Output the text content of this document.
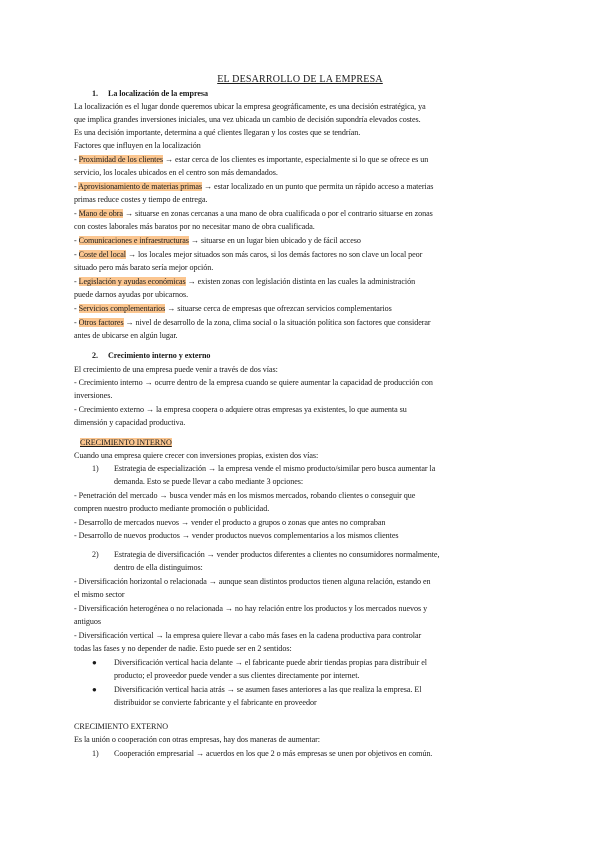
EL DESARROLLO DE LA EMPRESA
1. La localización de la empresa
La localización es el lugar donde queremos ubicar la empresa geográficamente, es una decisión estratégica, ya
que implica grandes inversiones iniciales, una vez ubicada un cambio de decisión supondría elevados costes.
Es una decisión importante, determina a qué clientes llegaran y los costes que se tendrían.
Factores que influyen en la localización
- Proximidad de los clientes → estar cerca de los clientes es importante, especialmente si lo que se ofrece es un
servicio, los locales ubicados en el centro son más demandados.
- Aprovisionamiento de materias primas → estar localizado en un punto que permita un rápido acceso a materias
primas reduce costes y tiempo de entrega.
- Mano de obra → situarse en zonas cercanas a una mano de obra cualificada o por el contrario situarse en zonas
con costes laborales más baratos por no necesitar mano de obra cualificada.
- Comunicaciones e infraestructuras → situarse en un lugar bien ubicado y de fácil acceso
- Coste del local → los locales mejor situados son más caros, si los demás factores no son clave un local peor
situado pero más barato sería mejor opción.
- Legislación y ayudas económicas → existen zonas con legislación distinta en las cuales la administración
puede darnos ayudas por ubicarnos.
- Servicios complementarios → situarse cerca de empresas que ofrezcan servicios complementarios
- Otros factores → nivel de desarrollo de la zona, clima social o la situación política son factores que considerar
antes de ubicarse en algún lugar.
2. Crecimiento interno y externo
El crecimiento de una empresa puede venir a través de dos vías:
- Crecimiento interno → ocurre dentro de la empresa cuando se quiere aumentar la capacidad de producción con
inversiones.
- Crecimiento externo → la empresa coopera o adquiere otras empresas ya existentes, lo que aumenta su
dimensión y capacidad productiva.
CRECIMIENTO INTERNO
Cuando una empresa quiere crecer con inversiones propias, existen dos vías:
1) Estrategia de especialización → la empresa vende el mismo producto/similar pero busca aumentar la
demanda. Esto se puede llevar a cabo mediante 3 opciones:
- Penetración del mercado → busca vender más en los mismos mercados, robando clientes o conseguir que
compren nuestro producto mediante promoción o publicidad.
- Desarrollo de mercados nuevos → vender el producto a grupos o zonas que antes no compraban
- Desarrollo de nuevos productos → vender productos nuevos complementarios a los mismos clientes
2) Estrategia de diversificación → vender productos diferentes a clientes no consumidores normalmente,
dentro de ella distinguimos:
- Diversificación horizontal o relacionada → aunque sean distintos productos tienen alguna relación, estando en
el mismo sector
- Diversificación heterogénea o no relacionada → no hay relación entre los productos y los mercados nuevos y
antiguos
- Diversificación vertical → la empresa quiere llevar a cabo más fases en la cadena productiva para controlar
todas las fases y no depender de nadie. Esto puede ser en 2 sentidos:
● Diversificación vertical hacia delante → el fabricante puede abrir tiendas propias para distribuir el
producto; el proveedor puede vender a sus clientes directamente por internet.
● Diversificación vertical hacia atrás → se asumen fases anteriores a las que realiza la empresa. El
distribuidor se convierte fabricante y el fabricante en proveedor
CRECIMIENTO EXTERNO
Es la unión o cooperación con otras empresas, hay dos maneras de aumentar:
1) Cooperación empresarial → acuerdos en los que 2 o más empresas se unen por objetivos en común.
